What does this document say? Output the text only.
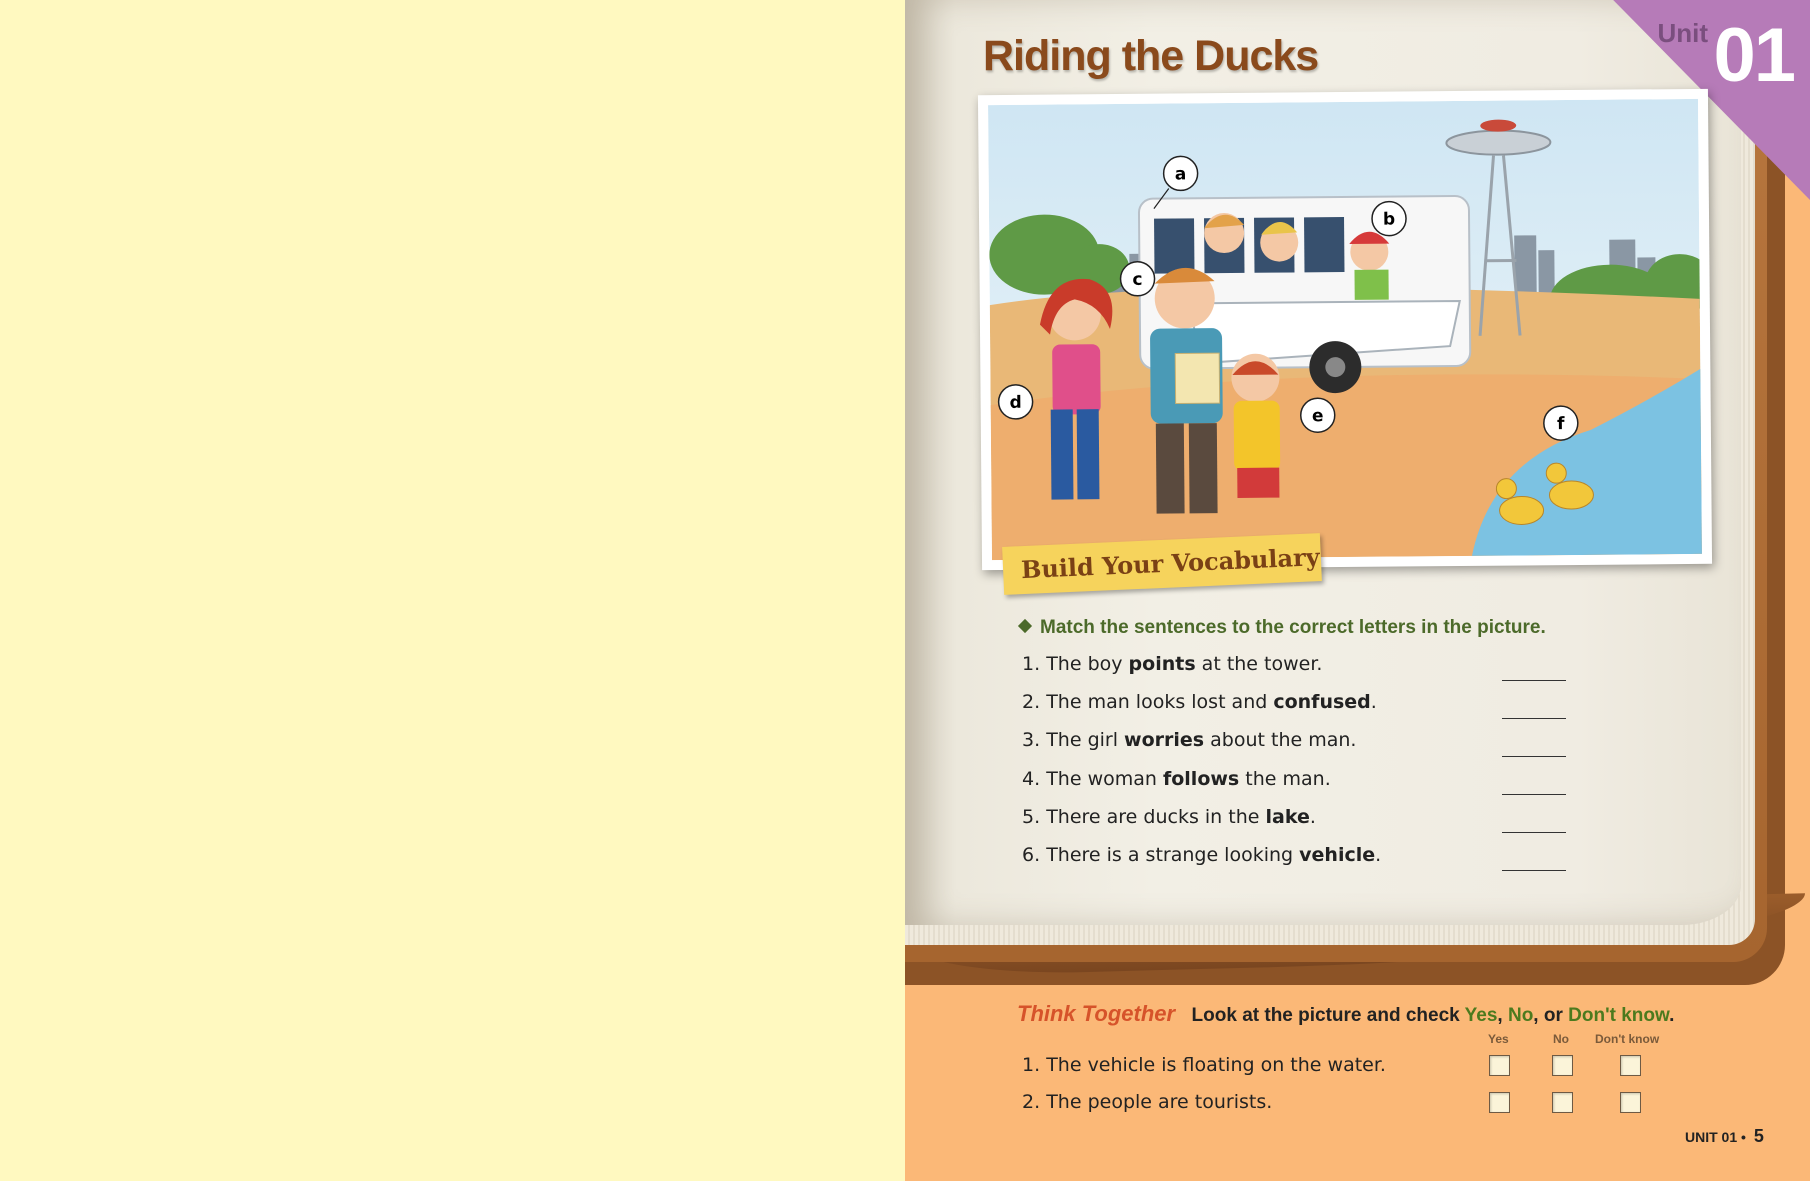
Unit 01
Riding the Ducks
a
b
c
d
e	f
Build Your Vocabulary
Match the sentences to the correct letters in the picture.
1. The boy points at the tower.
2. The man looks lost and confused.
3. The girl worries about the man.
4. The woman follows the man.
5. There are ducks in the lake.
6. There is a strange looking vehicle.
Think Together Look at the picture and check Yes, No, or Don't know.
Yes	No Don't know
1. The vehicle is floating on the water.
2. The people are tourists.
UNIT 01 • 5
